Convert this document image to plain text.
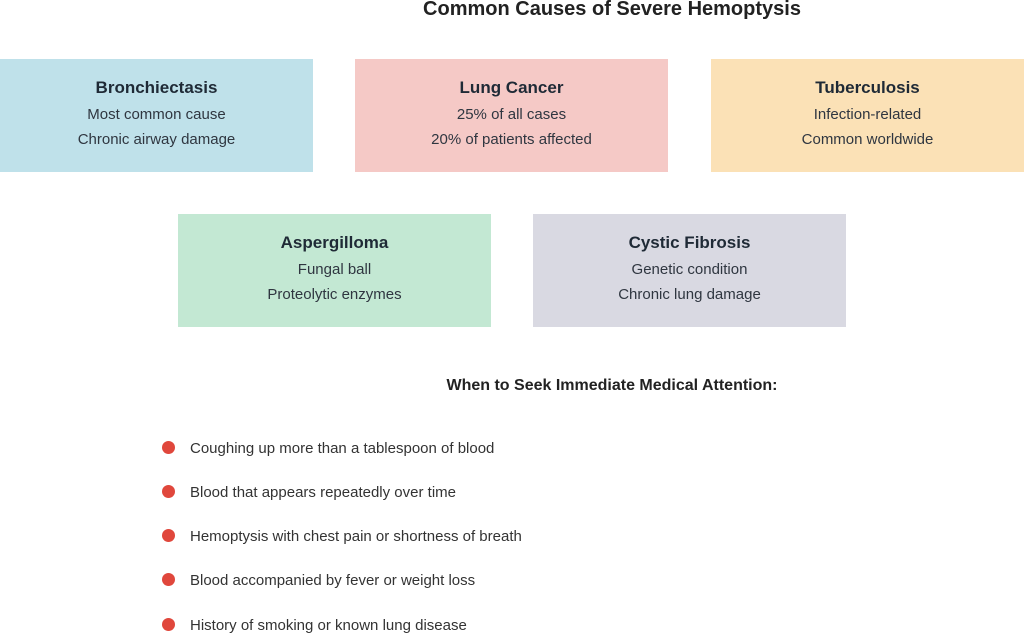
Common Causes of Severe Hemoptysis
Bronchiectasis
Most common cause
Chronic airway damage
Lung Cancer
25% of all cases
20% of patients affected
Tuberculosis
Infection-related
Common worldwide
Aspergilloma
Fungal ball
Proteolytic enzymes
Cystic Fibrosis
Genetic condition
Chronic lung damage
When to Seek Immediate Medical Attention:
Coughing up more than a tablespoon of blood
Blood that appears repeatedly over time
Hemoptysis with chest pain or shortness of breath
Blood accompanied by fever or weight loss
History of smoking or known lung disease
